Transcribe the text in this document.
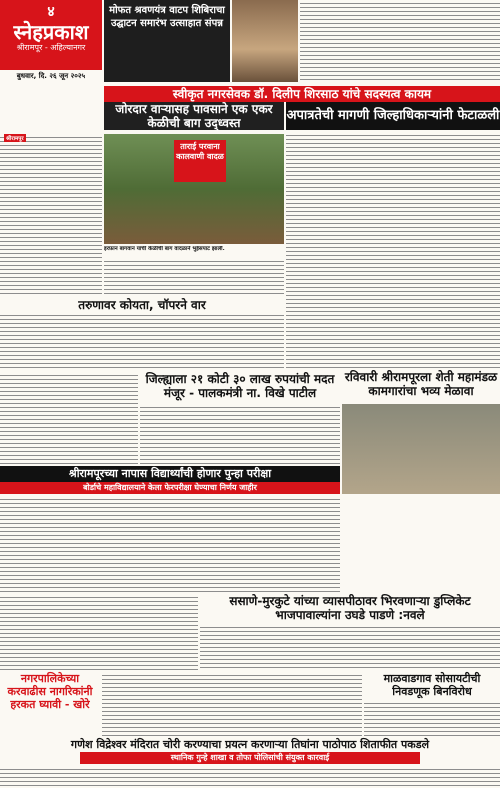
४
स्नेहप्रकाश
श्रीरामपूर - अहिल्यानगर
बुधवार, दि. २६ जून २०२५
मोफत श्रवणयंत्र वाटप शिबिराचा उद्घाटन समारंभ उत्साहात संपन्न
स्वीकृत नगरसेवक डॉ. दिलीप शिरसाठ यांचे सदस्यत्व कायम
जोरदार वाऱ्यासह पावसाने एक एकर केळीची बाग उद्ध्वस्त	अपात्रतेची मागणी जिल्हाधिकाऱ्यांनी फेटाळली
ताराई परवाना कालवाणी वादळ
इरफ़ान बागवान यांची केळीची बाग वादळाने भुईसपाट झाली.
तरुणावर कोयता, चॉपरने वार
जिल्ह्याला २१ कोटी ३० लाख रुपयांची मदत मंजूर - पालकमंत्री ना. विखे पाटील
रविवारी श्रीरामपूरला शेती महामंडळ कामगारांचा भव्य मेळावा
श्रीरामपूरच्या नापास विद्यार्थ्यांची होणार पुन्हा परीक्षा
बोर्डाचे महाविद्यालयाने केला फेरपरीक्षा घेण्याचा निर्णय जाहीर
ससाणे-मुरकुटे यांच्या व्यासपीठावर भिरवणाऱ्या डुप्लिकेट भाजपावाल्यांना उघडे पाडणे :नवले
नगरपालिकेच्या करवाढीस नागरिकांनी हरकत घ्यावी - खोरे
माळवाडगाव सोसायटीची निवडणूक बिनविरोध
गणेश विद्रेश्वर मंदिरात चोरी करण्याचा प्रयत्न करणाऱ्या तिघांना पाठोपाठ शिताफीत पकडले
स्थानिक गुन्हे शाखा व तोफा पोलिसांची संयुक्त कारवाई
श्रीरामपूर
